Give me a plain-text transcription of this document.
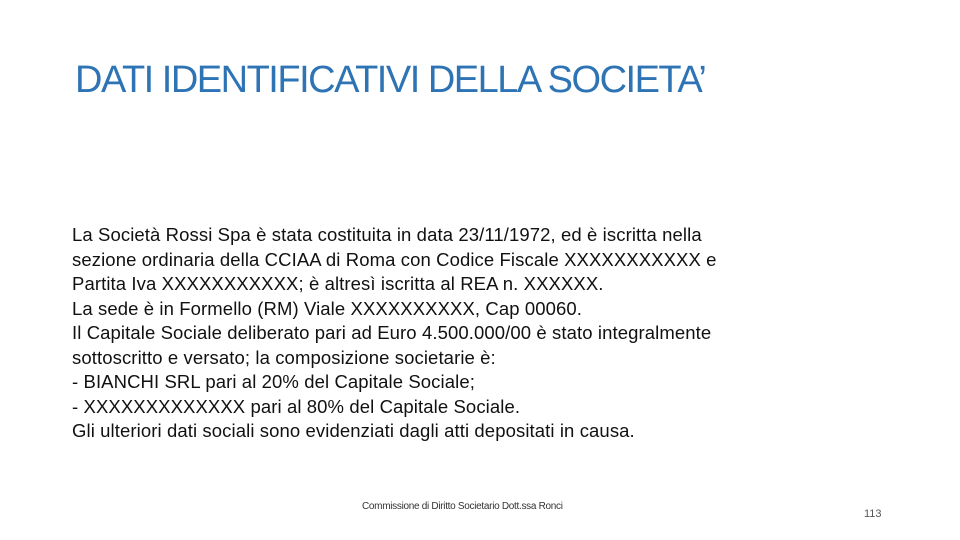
DATI IDENTIFICATIVI DELLA SOCIETA’
La Società Rossi Spa è stata costituita in data 23/11/1972, ed è iscritta nella
sezione ordinaria della CCIAA di Roma con Codice Fiscale XXXXXXXXXXX e
Partita Iva XXXXXXXXXXX; è altresì iscritta al REA n. XXXXXX.
La sede è in Formello (RM) Viale XXXXXXXXXX, Cap 00060.
Il Capitale Sociale deliberato pari ad Euro 4.500.000/00 è stato integralmente
sottoscritto e versato; la composizione societarie è:
- BIANCHI SRL pari al 20% del Capitale Sociale;
- XXXXXXXXXXXXX pari al 80% del Capitale Sociale.
Gli ulteriori dati sociali sono evidenziati dagli atti depositati in causa.
Commissione di Diritto Societario Dott.ssa Ronci
113
